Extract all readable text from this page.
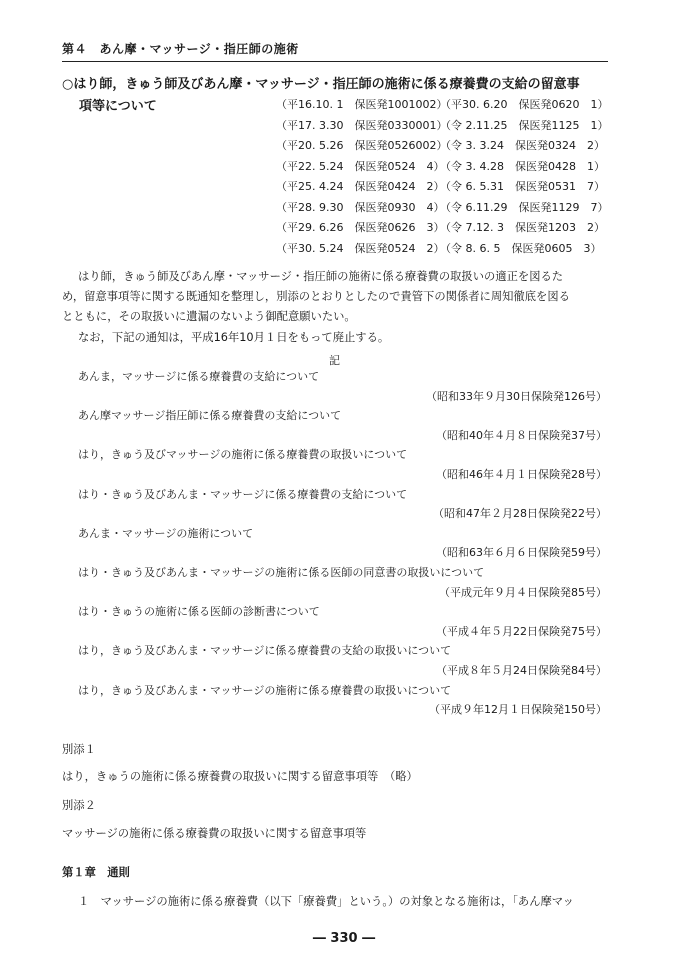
第４　あん摩・マッサージ・指圧師の施術
○はり師，きゅう師及びあん摩・マッサージ・指圧師の施術に係る療養費の支給の留意事
項等について	（平16.10. 1　保医発1001002）（平30. 6.20　保医発0620　1）
（平17. 3.30　保医発0330001）（令 2.11.25　保医発1125　1）
（平20. 5.26　保医発0526002）（令 3. 3.24　保医発0324　2）
（平22. 5.24　保医発0524　4）（令 3. 4.28　保医発0428　1）
（平25. 4.24　保医発0424　2）（令 6. 5.31　保医発0531　7）
（平28. 9.30　保医発0930　4）（令 6.11.29　保医発1129　7）
（平29. 6.26　保医発0626　3）（令 7.12. 3　保医発1203　2）
（平30. 5.24　保医発0524　2）（令 8. 6. 5　保医発0605　3）
はり師，きゅう師及びあん摩・マッサージ・指圧師の施術に係る療養費の取扱いの適正を図るた
め，留意事項等に関する既通知を整理し，別添のとおりとしたので貴管下の関係者に周知徹底を図る
とともに，その取扱いに遺漏のないよう御配意願いたい。
なお，下記の通知は，平成16年10月１日をもって廃止する。
記
あんま，マッサージに係る療養費の支給について
（昭和33年９月30日保険発126号）
あん摩マッサージ指圧師に係る療養費の支給について
（昭和40年４月８日保険発37号）
はり，きゅう及びマッサージの施術に係る療養費の取扱いについて
（昭和46年４月１日保険発28号）
はり・きゅう及びあんま・マッサージに係る療養費の支給について
（昭和47年２月28日保険発22号）
あんま・マッサージの施術について
（昭和63年６月６日保険発59号）
はり・きゅう及びあんま・マッサージの施術に係る医師の同意書の取扱いについて
（平成元年９月４日保険発85号）
はり・きゅうの施術に係る医師の診断書について
（平成４年５月22日保険発75号）
はり，きゅう及びあんま・マッサージに係る療養費の支給の取扱いについて
（平成８年５月24日保険発84号）
はり，きゅう及びあんま・マッサージの施術に係る療養費の取扱いについて
（平成９年12月１日保険発150号）
別添１
はり，きゅうの施術に係る療養費の取扱いに関する留意事項等　（略）
別添２
マッサージの施術に係る療養費の取扱いに関する留意事項等
第１章　通則
１　マッサージの施術に係る療養費（以下「療養費」という。）の対象となる施術は，「あん摩マッ
― 330 ―
